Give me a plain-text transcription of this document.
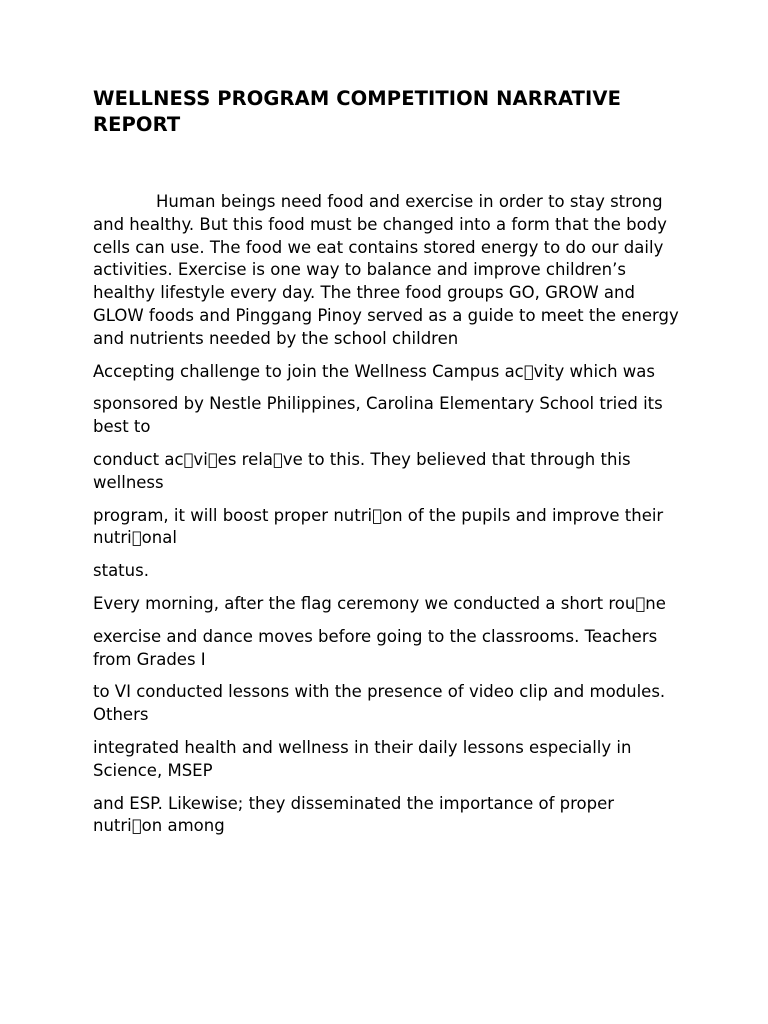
WELLNESS PROGRAM COMPETITION NARRATIVE REPORT

Human beings need food and exercise in order to stay strong and healthy. But this food must be changed into a form that the body cells can use. The food we eat contains stored energy to do our daily activities. Exercise is one way to balance and improve children’s healthy lifestyle every day. The three food groups GO, GROW and GLOW foods and Pinggang Pinoy served as a guide to meet the energy and nutrients needed by the school children

Accepting challenge to join the Wellness Campus ac vity which was

sponsored by Nestle Philippines, Carolina Elementary School tried its best to

conduct ac vi es rela ve to this. They believed that through this wellness

program, it will boost proper nutri on of the pupils and improve their nutri onal

status.

Every morning, after the flag ceremony we conducted a short rou ne

exercise and dance moves before going to the classrooms. Teachers from Grades I

to VI conducted lessons with the presence of video clip and modules. Others

integrated health and wellness in their daily lessons especially in Science, MSEP

and ESP. Likewise; they disseminated the importance of proper nutri on among
